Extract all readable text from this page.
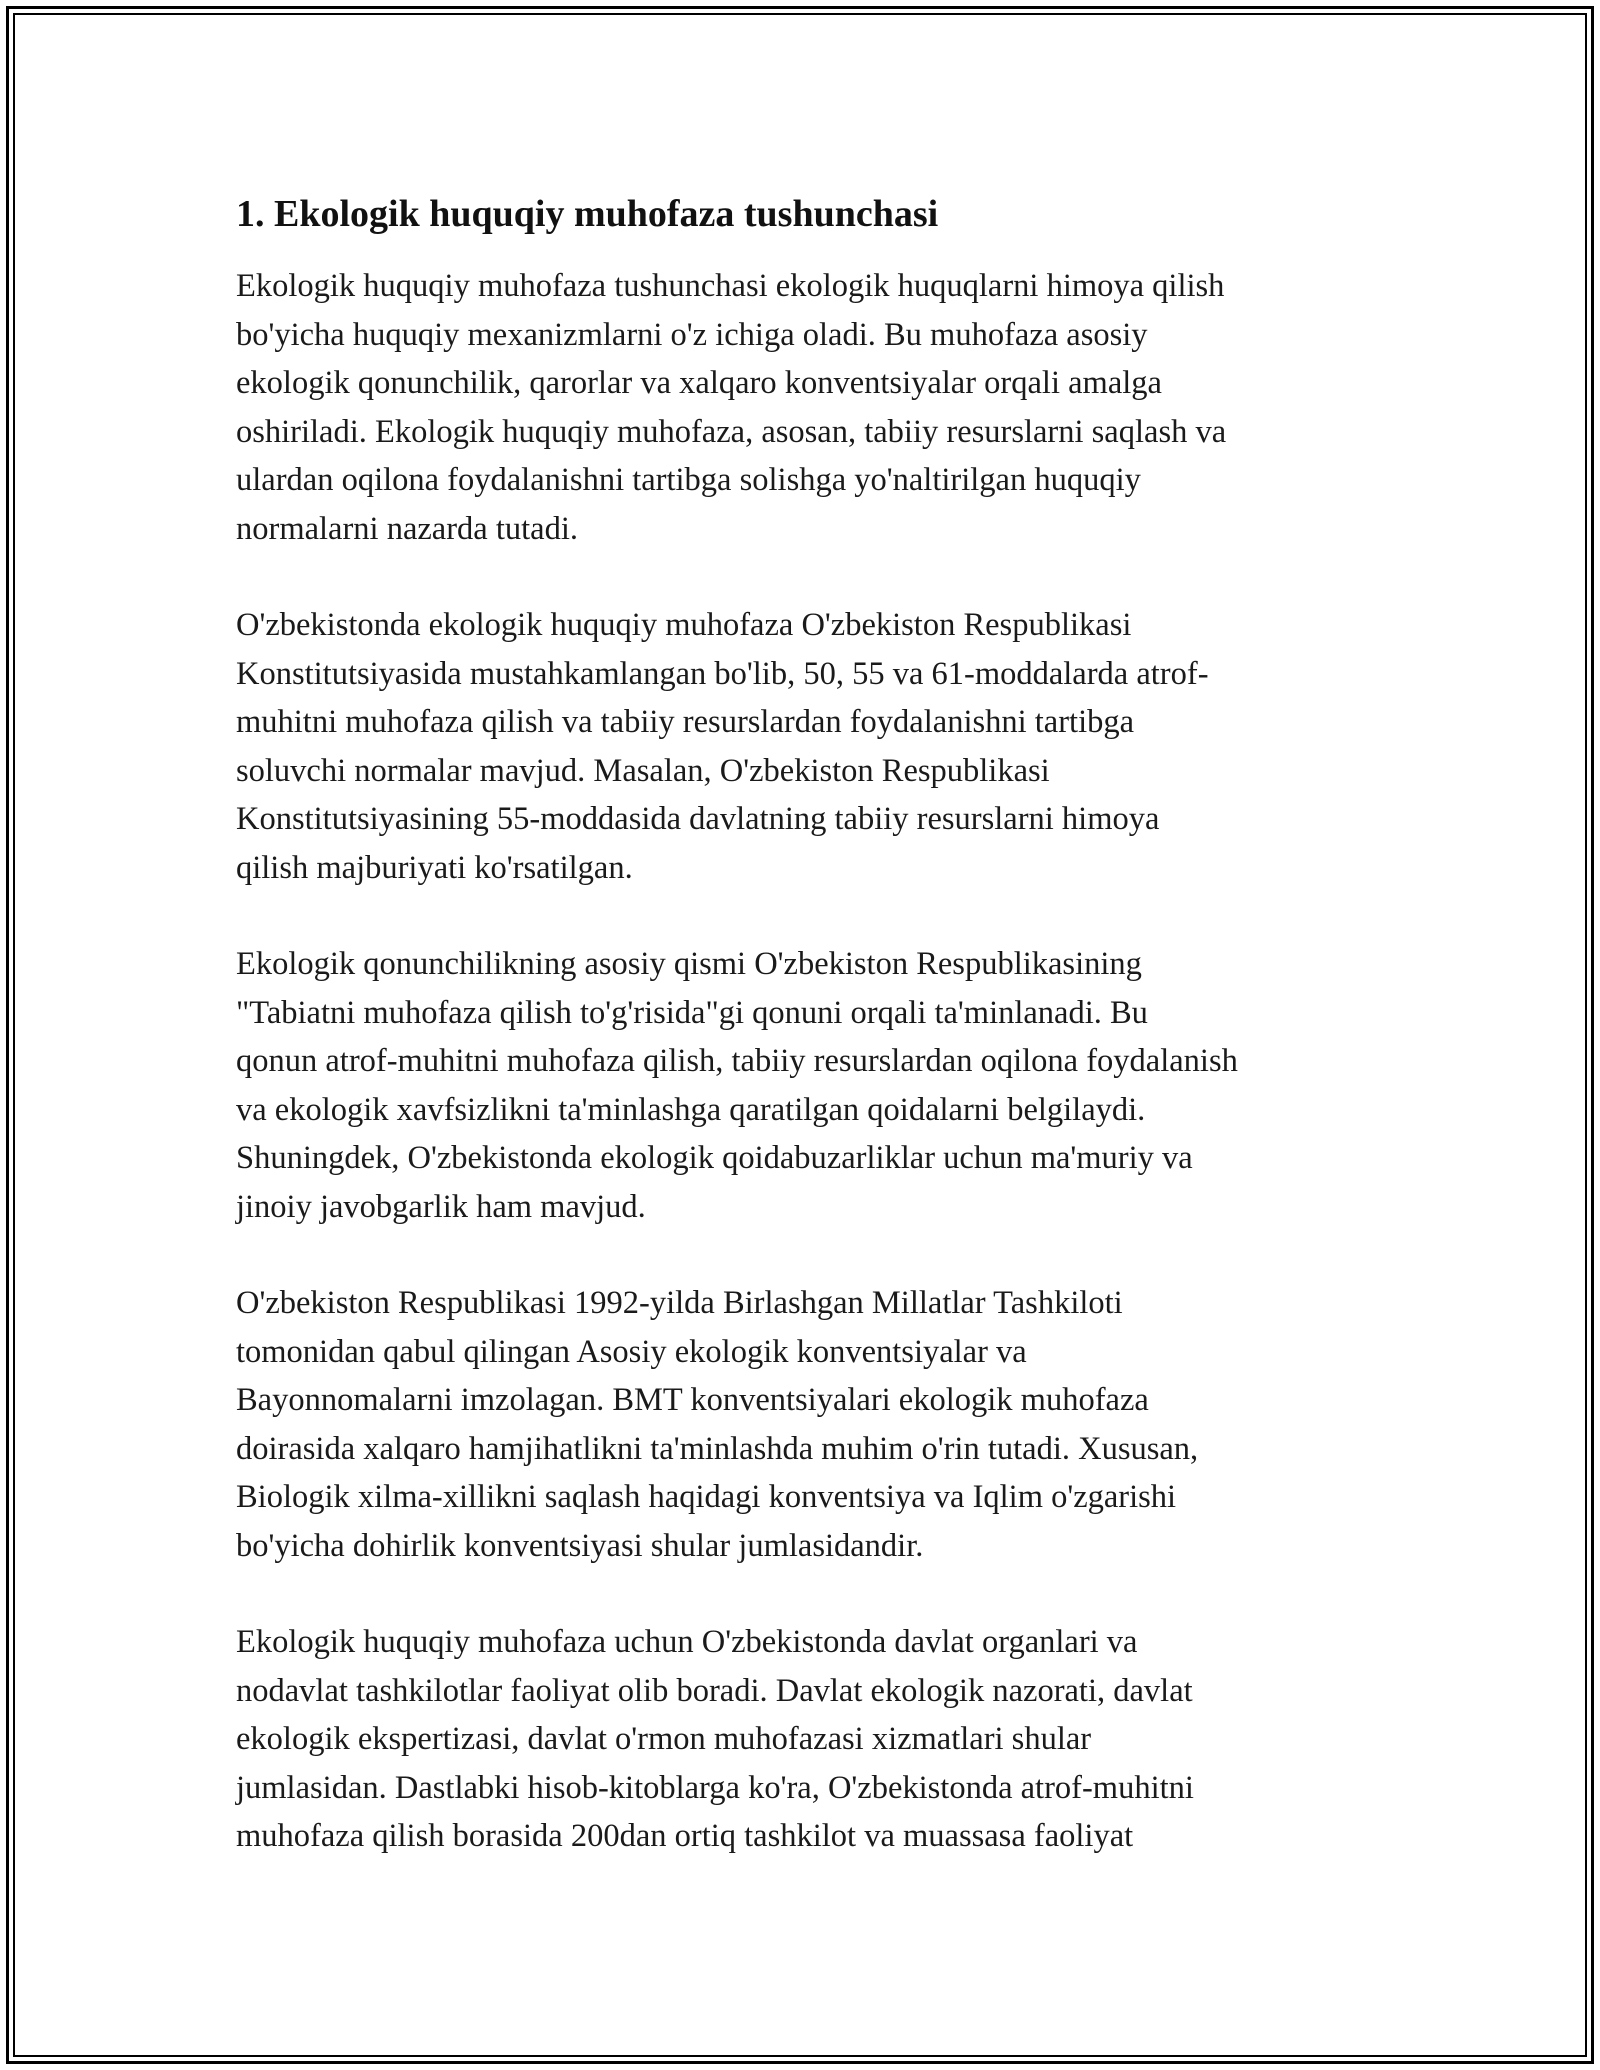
1. Ekologik huquqiy muhofaza tushunchasi

Ekologik huquqiy muhofaza tushunchasi ekologik huquqlarni himoya qilish
bo'yicha huquqiy mexanizmlarni o'z ichiga oladi. Bu muhofaza asosiy
ekologik qonunchilik, qarorlar va xalqaro konventsiyalar orqali amalga
oshiriladi. Ekologik huquqiy muhofaza, asosan, tabiiy resurslarni saqlash va
ulardan oqilona foydalanishni tartibga solishga yo'naltirilgan huquqiy
normalarni nazarda tutadi.

O'zbekistonda ekologik huquqiy muhofaza O'zbekiston Respublikasi
Konstitutsiyasida mustahkamlangan bo'lib, 50, 55 va 61-moddalarda atrof-
muhitni muhofaza qilish va tabiiy resurslardan foydalanishni tartibga
soluvchi normalar mavjud. Masalan, O'zbekiston Respublikasi
Konstitutsiyasining 55-moddasida davlatning tabiiy resurslarni himoya
qilish majburiyati ko'rsatilgan.

Ekologik qonunchilikning asosiy qismi O'zbekiston Respublikasining
"Tabiatni muhofaza qilish to'g'risida"gi qonuni orqali ta'minlanadi. Bu
qonun atrof-muhitni muhofaza qilish, tabiiy resurslardan oqilona foydalanish
va ekologik xavfsizlikni ta'minlashga qaratilgan qoidalarni belgilaydi.
Shuningdek, O'zbekistonda ekologik qoidabuzarliklar uchun ma'muriy va
jinoiy javobgarlik ham mavjud.

O'zbekiston Respublikasi 1992-yilda Birlashgan Millatlar Tashkiloti
tomonidan qabul qilingan Asosiy ekologik konventsiyalar va
Bayonnomalarni imzolagan. BMT konventsiyalari ekologik muhofaza
doirasida xalqaro hamjihatlikni ta'minlashda muhim o'rin tutadi. Xususan,
Biologik xilma-xillikni saqlash haqidagi konventsiya va Iqlim o'zgarishi
bo'yicha dohirlik konventsiyasi shular jumlasidandir.

Ekologik huquqiy muhofaza uchun O'zbekistonda davlat organlari va
nodavlat tashkilotlar faoliyat olib boradi. Davlat ekologik nazorati, davlat
ekologik ekspertizasi, davlat o'rmon muhofazasi xizmatlari shular
jumlasidan. Dastlabki hisob-kitoblarga ko'ra, O'zbekistonda atrof-muhitni
muhofaza qilish borasida 200dan ortiq tashkilot va muassasa faoliyat
